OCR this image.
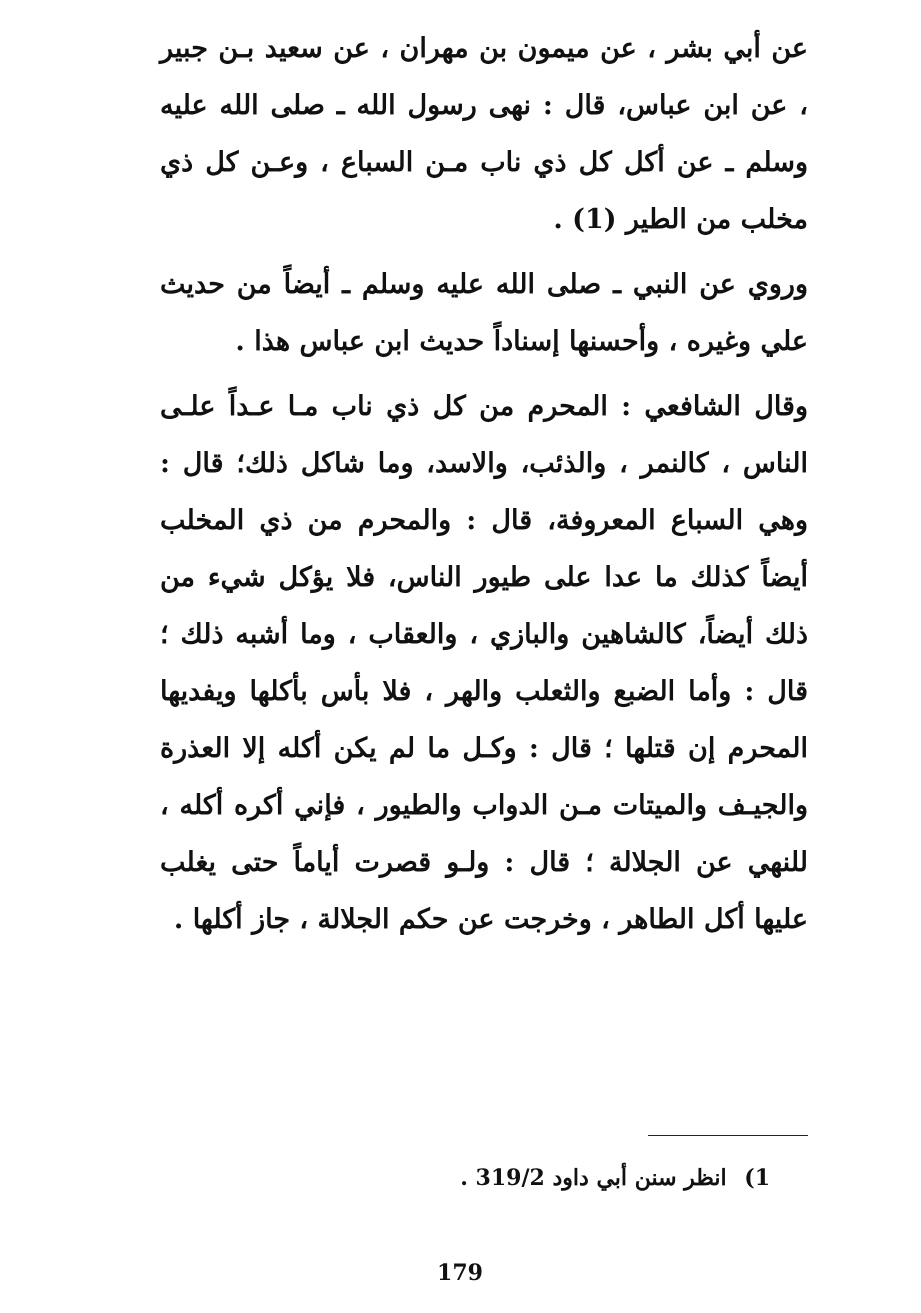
عن أبي بشر ، عن ميمون بن مهران ، عن سعيد بـن جبير ، عن ابن عباس، قال : نهى رسول الله ـ صلى الله عليه وسلم ـ عن أكل كل ذي ناب مـن السباع ، وعـن كل ذي مخلب من الطير (1) .

وروي عن النبي ـ صلى الله عليه وسلم ـ أيضاً من حديث علي وغيره ، وأحسنها إسناداً حديث ابن عباس هذا .

وقال الشافعي : المحرم من كل ذي ناب مـا عـداً علـى الناس ، كالنمر ، والذئب، والاسد، وما شاكل ذلك؛ قال : وهي السباع المعروفة، قال : والمحرم من ذي المخلب أيضاً كذلك ما عدا على طيور الناس، فلا يؤكل شيء من ذلك أيضاً، كالشاهين والبازي ، والعقاب ، وما أشبه ذلك ؛ قال : وأما الضبع والثعلب والهر ، فلا بأس بأكلها ويفديها المحرم إن قتلها ؛ قال : وكـل ما لم يكن أكله إلا العذرة والجيـف والميتات مـن الدواب والطيور ، فإني أكره أكله ، للنهي عن الجلالة ؛ قال : ولـو قصرت أياماً حتى يغلب عليها أكل الطاهر ، وخرجت عن حكم الجلالة ، جاز أكلها .

1) انظر سنن أبي داود 319/2 .

179
